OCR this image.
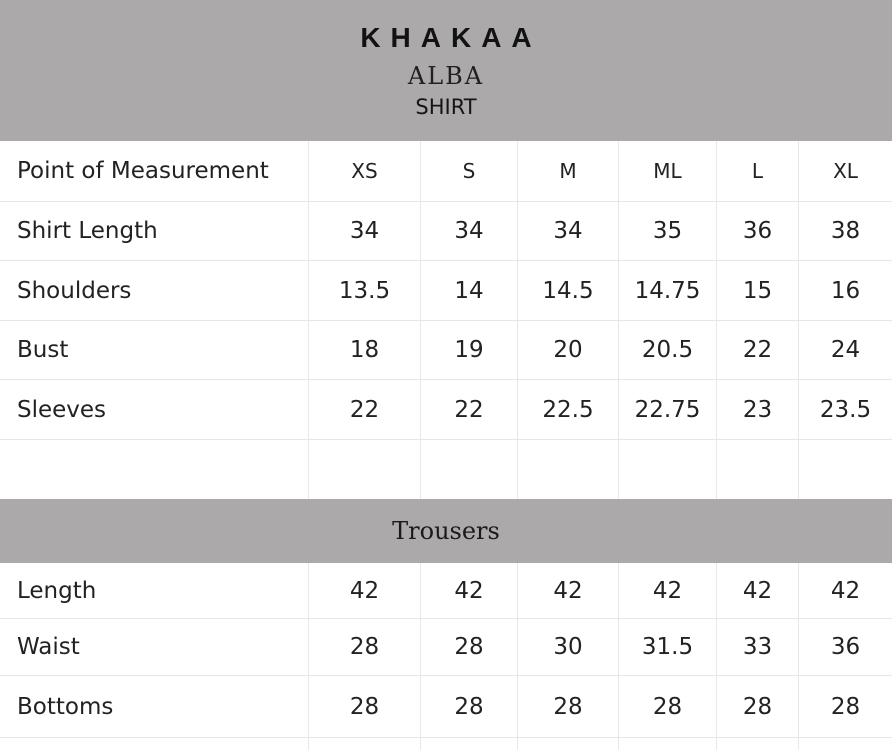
KHAKAA
ALBA
SHIRT
Point of Measurement	XS	S	M	ML	L	XL
Shirt Length	34	34	34	35	36	38
Shoulders	13.5	14	14.5	14.75	15	16
Bust	18	19	20	20.5	22	24
Sleeves	22	22	22.5	22.75	23	23.5
Trousers
Length	42	42	42	42	42	42
Waist	28	28	30	31.5	33	36
Bottoms	28	28	28	28	28	28
